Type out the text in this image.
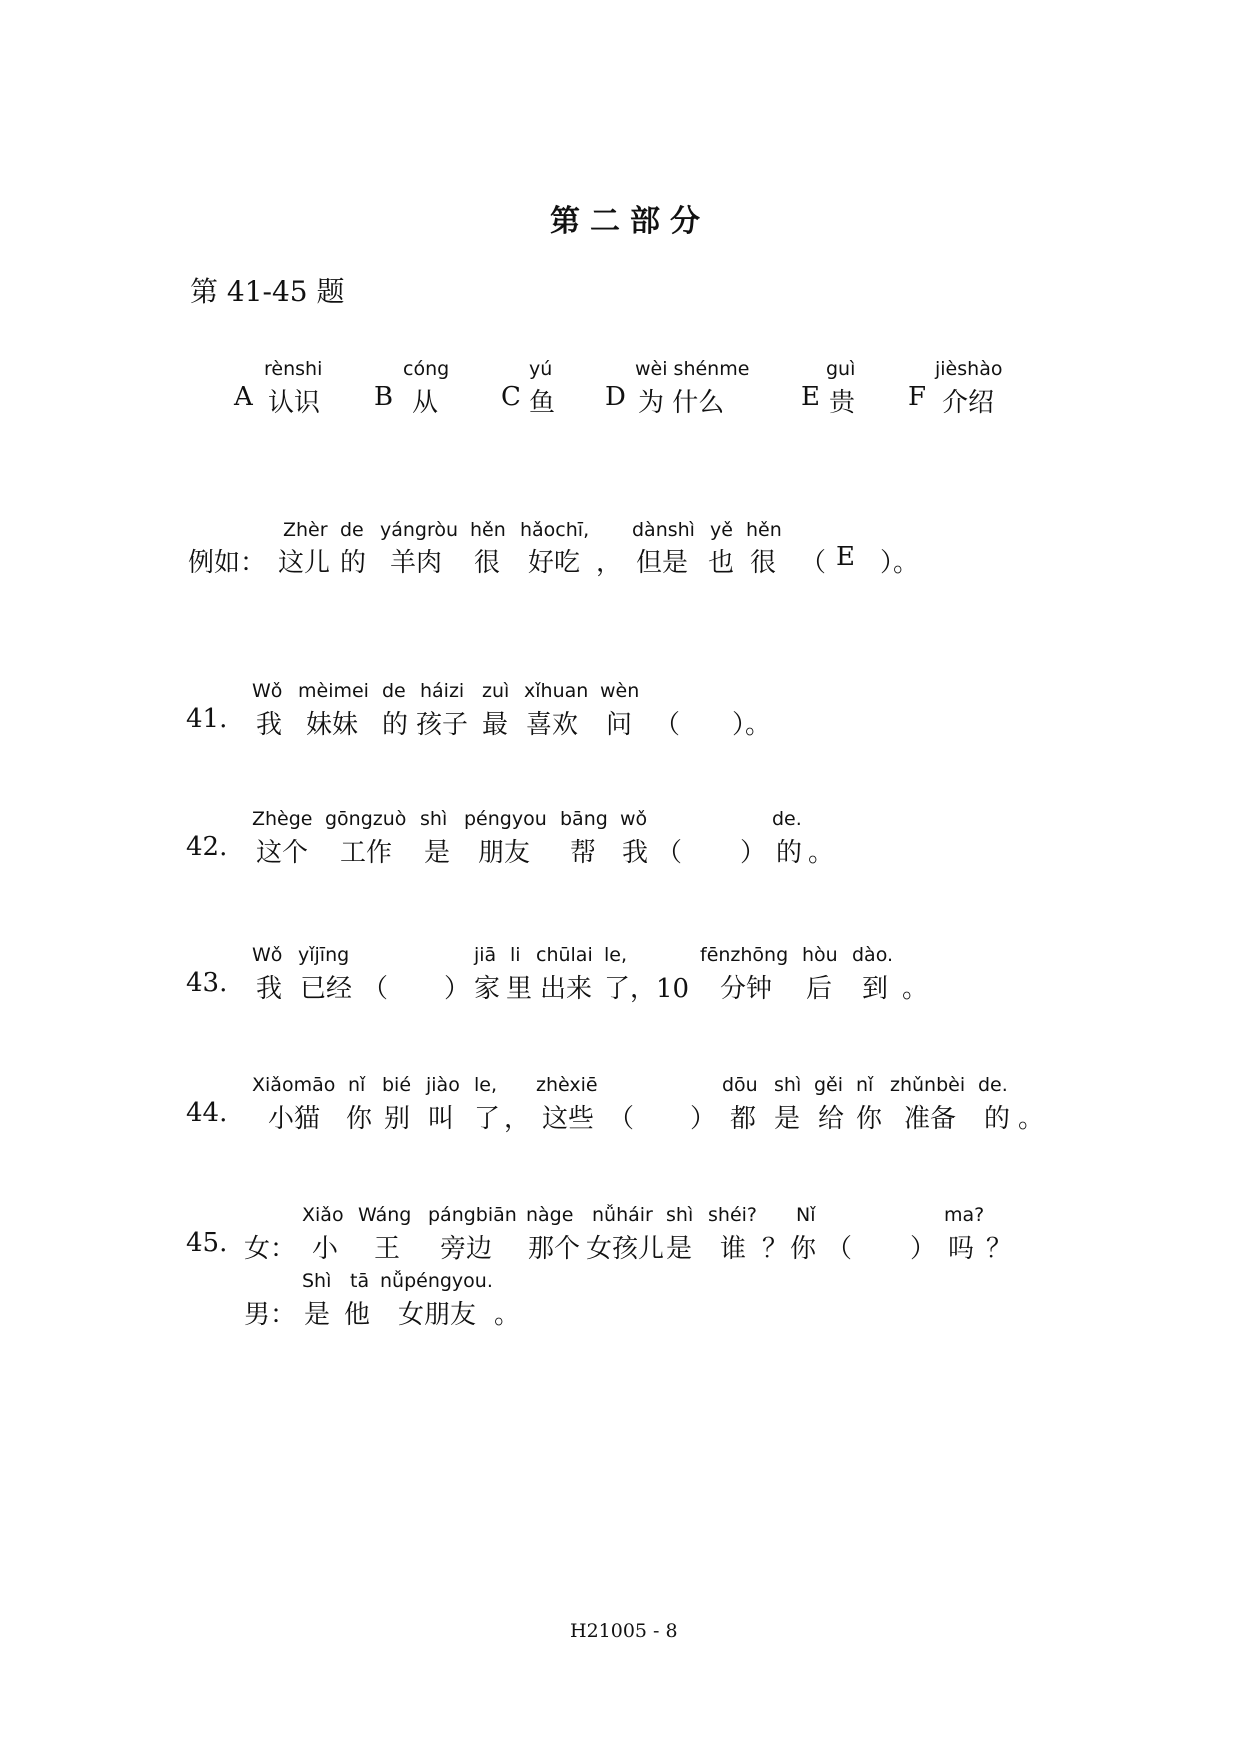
第二部分
第 41-45 题
rènshi
A 认识
cóng
B 从
yú
C 鱼
wèi shénme
D 为 什么
guì
E 贵
jièshào
F 介绍
Zhèr de yángròu hěn hǎochī, dànshì yě hěn
例如： 这儿 的 羊肉 很 好吃 ， 但是 也 很 （ E ）。
Wǒ mèimei de háizi zuì xǐhuan wèn
41. 我 妹妹 的 孩子 最 喜欢 问 （ ）。
Zhège gōngzuò shì péngyou bāng wǒ	de.
42. 这个 工作 是 朋友 帮 我 （ ） 的 。
Wǒ yǐjīng	jiā li chūlai le,	fēnzhōng hòu dào.
43. 我 已经 （ ） 家 里 出来 了 ，10 分钟 后 到 。
Xiǎomāo nǐ bié jiào le, zhèxiē	dōu shì gěi nǐ zhǔnbèi de.
44. 小猫 你 别 叫 了 ， 这些 （ ） 都 是 给 你 准备 的 。
Xiǎo Wáng pángbiān nàge nǚháir shì shéi? Nǐ	ma?
45. 女： 小 王 旁边 那个 女孩儿 是 谁 ？ 你 （ ） 吗 ？
Shì tā nǚpéngyou.
男： 是 他 女朋友 。
H21005 - 8
